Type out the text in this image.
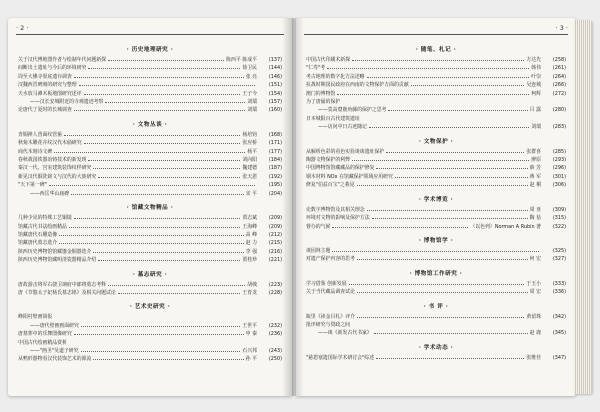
· 2 ·
· 历史地理研究 ·
关于汉代博地图作者与绘制年代问题新探	陈西平 陈成平	(137)
间断出土遗址与今后的环境研究	徐卫民	(144)
周至大佛寺渠底遗存调查	张 亮	(146)
汉魏西晋碑刻的研究与整理	(151)
天水放马滩木板地图研究述评	王子今	(154)
——汉长安城附近的寺观遗迹考察	刘瑞	(157)
论唐代丁夏时的长城调查	刘瑞	(160)
· 文物丛谈 ·
青铜禅人兽面纹管箍	杨培钧	(168)
秋菊木雕花卉纹汉代木俑研究	张应桥	(171)
商代木刻诗文碑	杨平	(177)
春秋战国铁器冶铸技术的新发现	刘向阳	(184)
秦汉一代、宫室建筑装饰纹样研究	魏建德	(187)
新见汉代铜洗铭文与汉代的大族研究	张天恩	(192)
"天下第一碑"	(195)
——西岳华山庙碑	宋 平	(204)
· 馆藏文物精品 ·
几种少见的特殊工艺铜镜	贾志斌	(209)
馆藏古代书法绘画精品	王海峰	(209)
馆藏唐代石雕造像	高 峰	(212)
馆藏唐代墓志选介	赵 力	(215)
陕西历史博物馆馆藏鎏金铜器选介	李 强	(216)
陕西历史博物馆藏明清瓷器精品介绍	贾桂珍	(221)
· 墓志研究 ·
唐故游击将军右骁卫翊府中郎将墓志考释	胡戟	(223)
唐《节愍太子妃杨氏墓志铭》及相关问题试论	王育龙	(228)
· 艺术史研究 ·
峰阳村壁画简报
——唐代壁画画面研究	王世平	(232)
唐墓葬中的乐舞图像研究	申 秦	(236)
中国古代绘画精品赏析
——"画圣"吴道子研究	石兴邦	(243)
从鸭形器物看汉代装饰艺术的源流	孙 平	(250)
· 3 ·
· 随笔、札记 ·
中国古代印刷术新探	方达先	(258)
"仁寿"考	韩伟	(261)
考古地理的数字化方法述略	叶崇	(264)
抗战时期国民政府在西南的文物保护方面的贡献	吴连城	(266)
澳门的博物馆	柯辉	(272)
为了唐俑的保护
——莫高窟鹿角藤的保护之思考	吕 露	(280)
日本城阳百古代建筑遗址
——访问中日古迹随记	刘瑞	(283)
· 文物保护 ·
从解析色彩的看色实验谈谈遗址保护	张群喜	(285)
陶器文物保护的利弊	廖原	(293)
中国博物馆馆藏藏品的保护修复	薛 芳	(296)
钢木材料 NOx 在馆藏保护领域应用研究	蒋 军	(301)
修复"伯益百宝"之我见	赵 桐	(306)
· 学术博览 ·
论数字博物馆及其相关理念	周 亚	(309)
环境对文物的影响及保护方法	陶 蓓	(315)
督办的气候	（以色列）Norman A Rubin 著	(322)
· 博物馆学 ·
谈园林主题	(325)
对遗产保护内容的思考	何 宏	(327)
· 博物馆工作研究 ·
学习借鉴 创新发展	于玉小	(333)
关于当代藏品调查试论	周 宏	(336)
· 书 评 ·
瓶里《读金目札》评介	黄留珠	(342)
批评研究与资政之间
——谈《新发古代书家》	赵 鹿	(345)
· 学术动态 ·
"慈恩塞遗国际学术研讨会"综述	张维佳	(347)
